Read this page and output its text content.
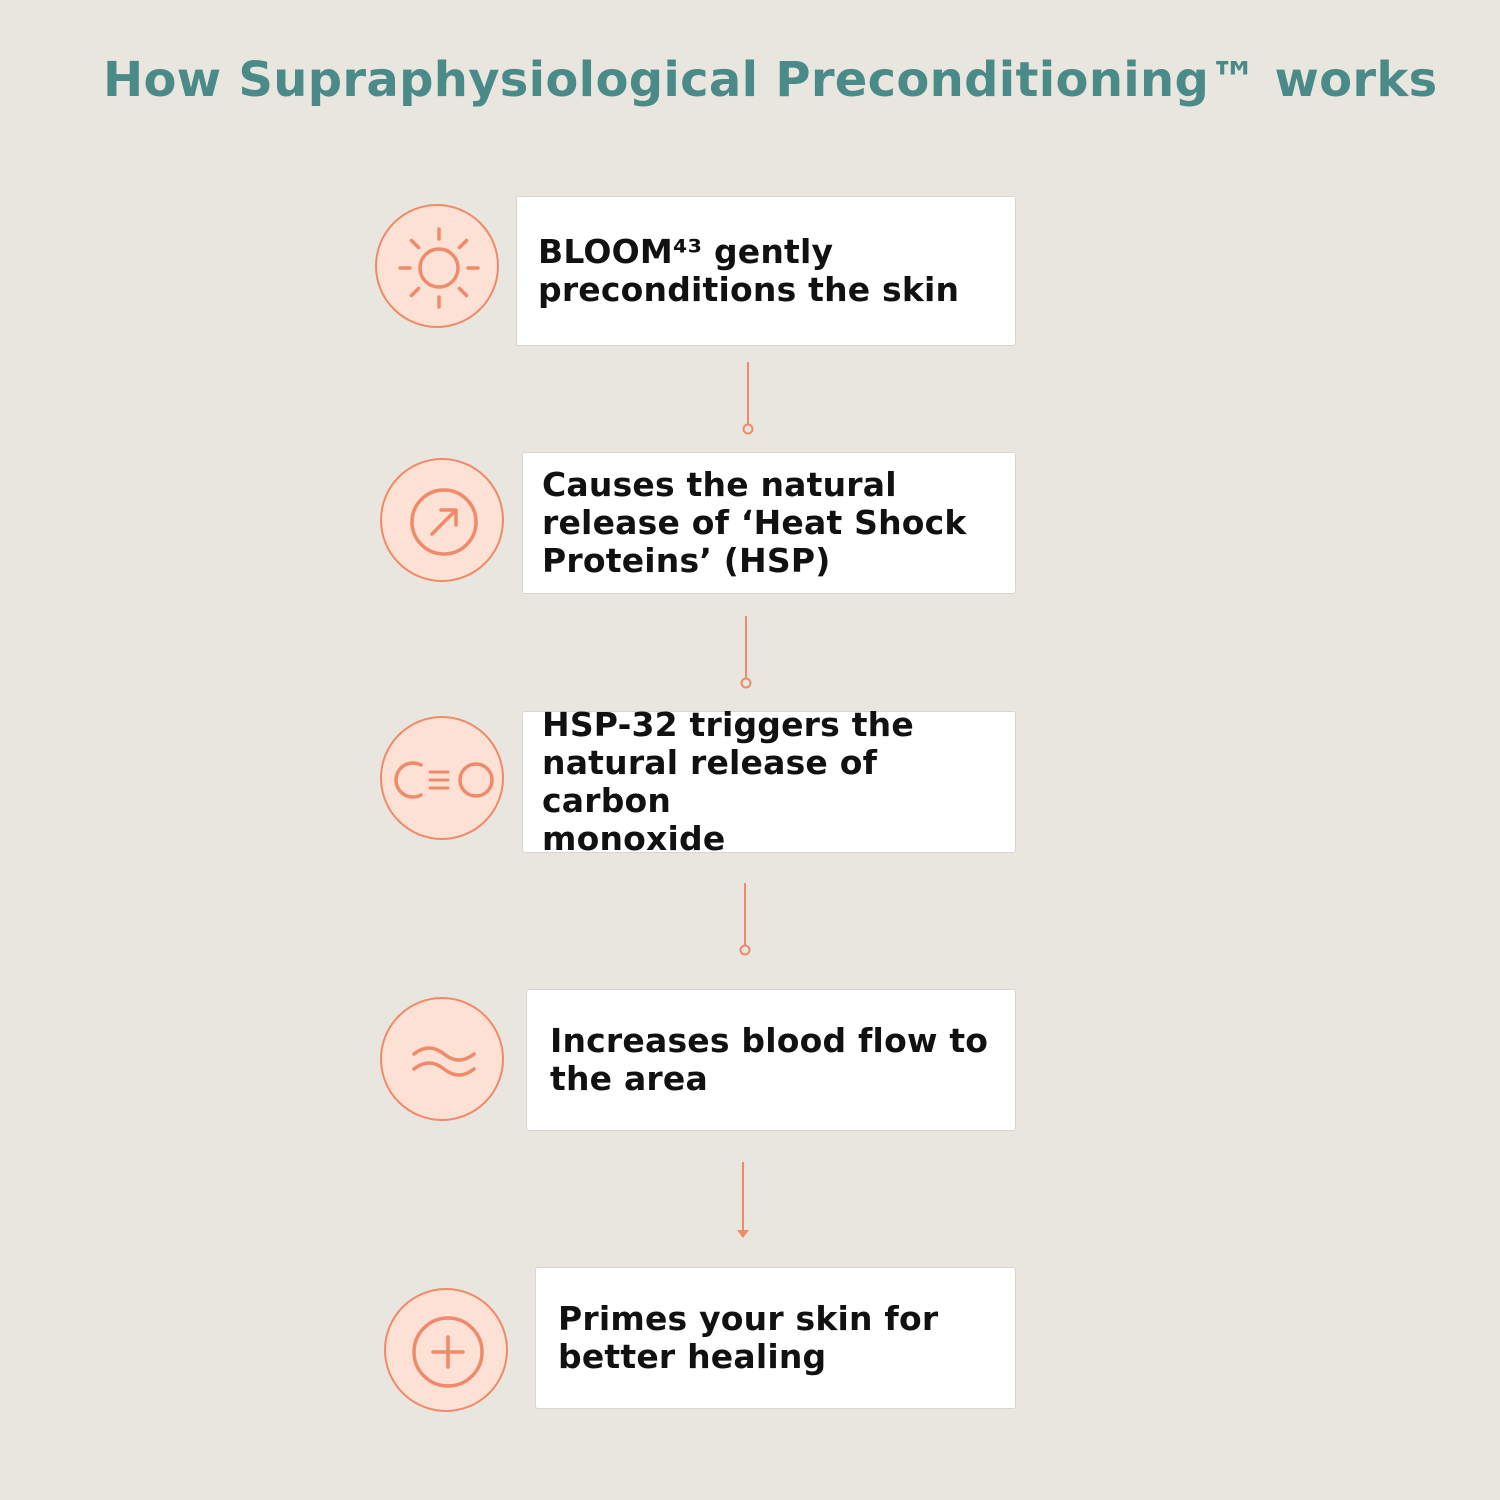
How Supraphysiological Preconditioning™ works
BLOOM⁴³ gently
preconditions the skin
Causes the natural
release of ‘Heat Shock
Proteins’ (HSP)
HSP-32 triggers the
natural release of carbon
monoxide
Increases blood flow to
the area
Primes your skin for
better healing
